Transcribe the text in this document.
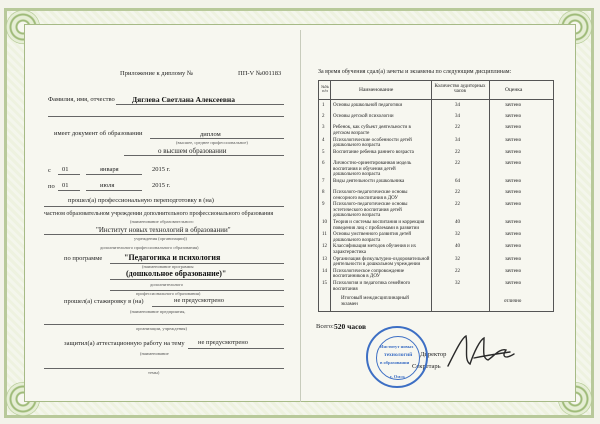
Приложение к диплому №	ПП-V №001183
Фамилия, имя, отчество Дяглева Светлана Алексеевна
имеет документ об образовании	диплом
(высшее, среднее профессиональное)
о высшем образовании
с 01	января	2015 г.
по 01	июля	2015 г.
прошел(а) профессиональную переподготовку в (на)
частном образовательном учреждении дополнительного профессионального образования
(наименование образовательного
"Институт новых технологий в образовании"
учреждения (организации))
дополнительного профессионального образования)
по программе	"Педагогика и психология
(наименование программы
(дошкольное образование)"
дополнительного
профессионального образования)
прошел(а) стажировку в (на)	не предусмотрено
(наименование предприятия,
организации, учреждения)
защитил(а) аттестационную работу на тему не предусмотрено
(наименование
темы)
За время обучения сдал(а) зачеты и экзамены по следующим дисциплинам:
№№ п/п	Наименование
Количество аудиторных часов	Оценка
1 Основы дошкольной педагогики	34	зачтено
2 Основы детской психологии	34	зачтено
3 Ребенок, как субъект деятельности в
детском возрасте
22	зачтено
4 Психологические особенности детей
дошкольного возраста
34	зачтено
5 Воспитание ребенка раннего возраста	22	зачтено
6 Личностно-ориентированная модель
воспитания и обучения детей
дошкольного возраста
22	зачтено
7 Виды деятельности дошкольника	64	зачтено
8 Психолого-педагогические основы
сенсорного воспитания в ДОУ
22	зачтено
9 Психолого-педагогические основы
эстетического воспитания детей
дошкольного возраста
22	зачтено
10 Теория и системы воспитания и коррекция
поведения лиц с проблемами в развитии
40	зачтено
11 Основы умственного развития детей
дошкольного возраста
32	зачтено
12 Классификация методов обучения и их
характеристика
40	зачтено
13 Организация физкультурно-оздоровительной
деятельности в дошкольном учреждении
32	зачтено
14 Психологическое сопровождение
воспитанников в ДОУ
22	зачтено
15 Психология и педагогика семейного
воспитания
32	зачтено
Итоговый междисциплинарный
экзамен
отлично
Всего: 520 часов
Директор
Секретарь
Институт новых
технологий
в образовании
г. Омск
